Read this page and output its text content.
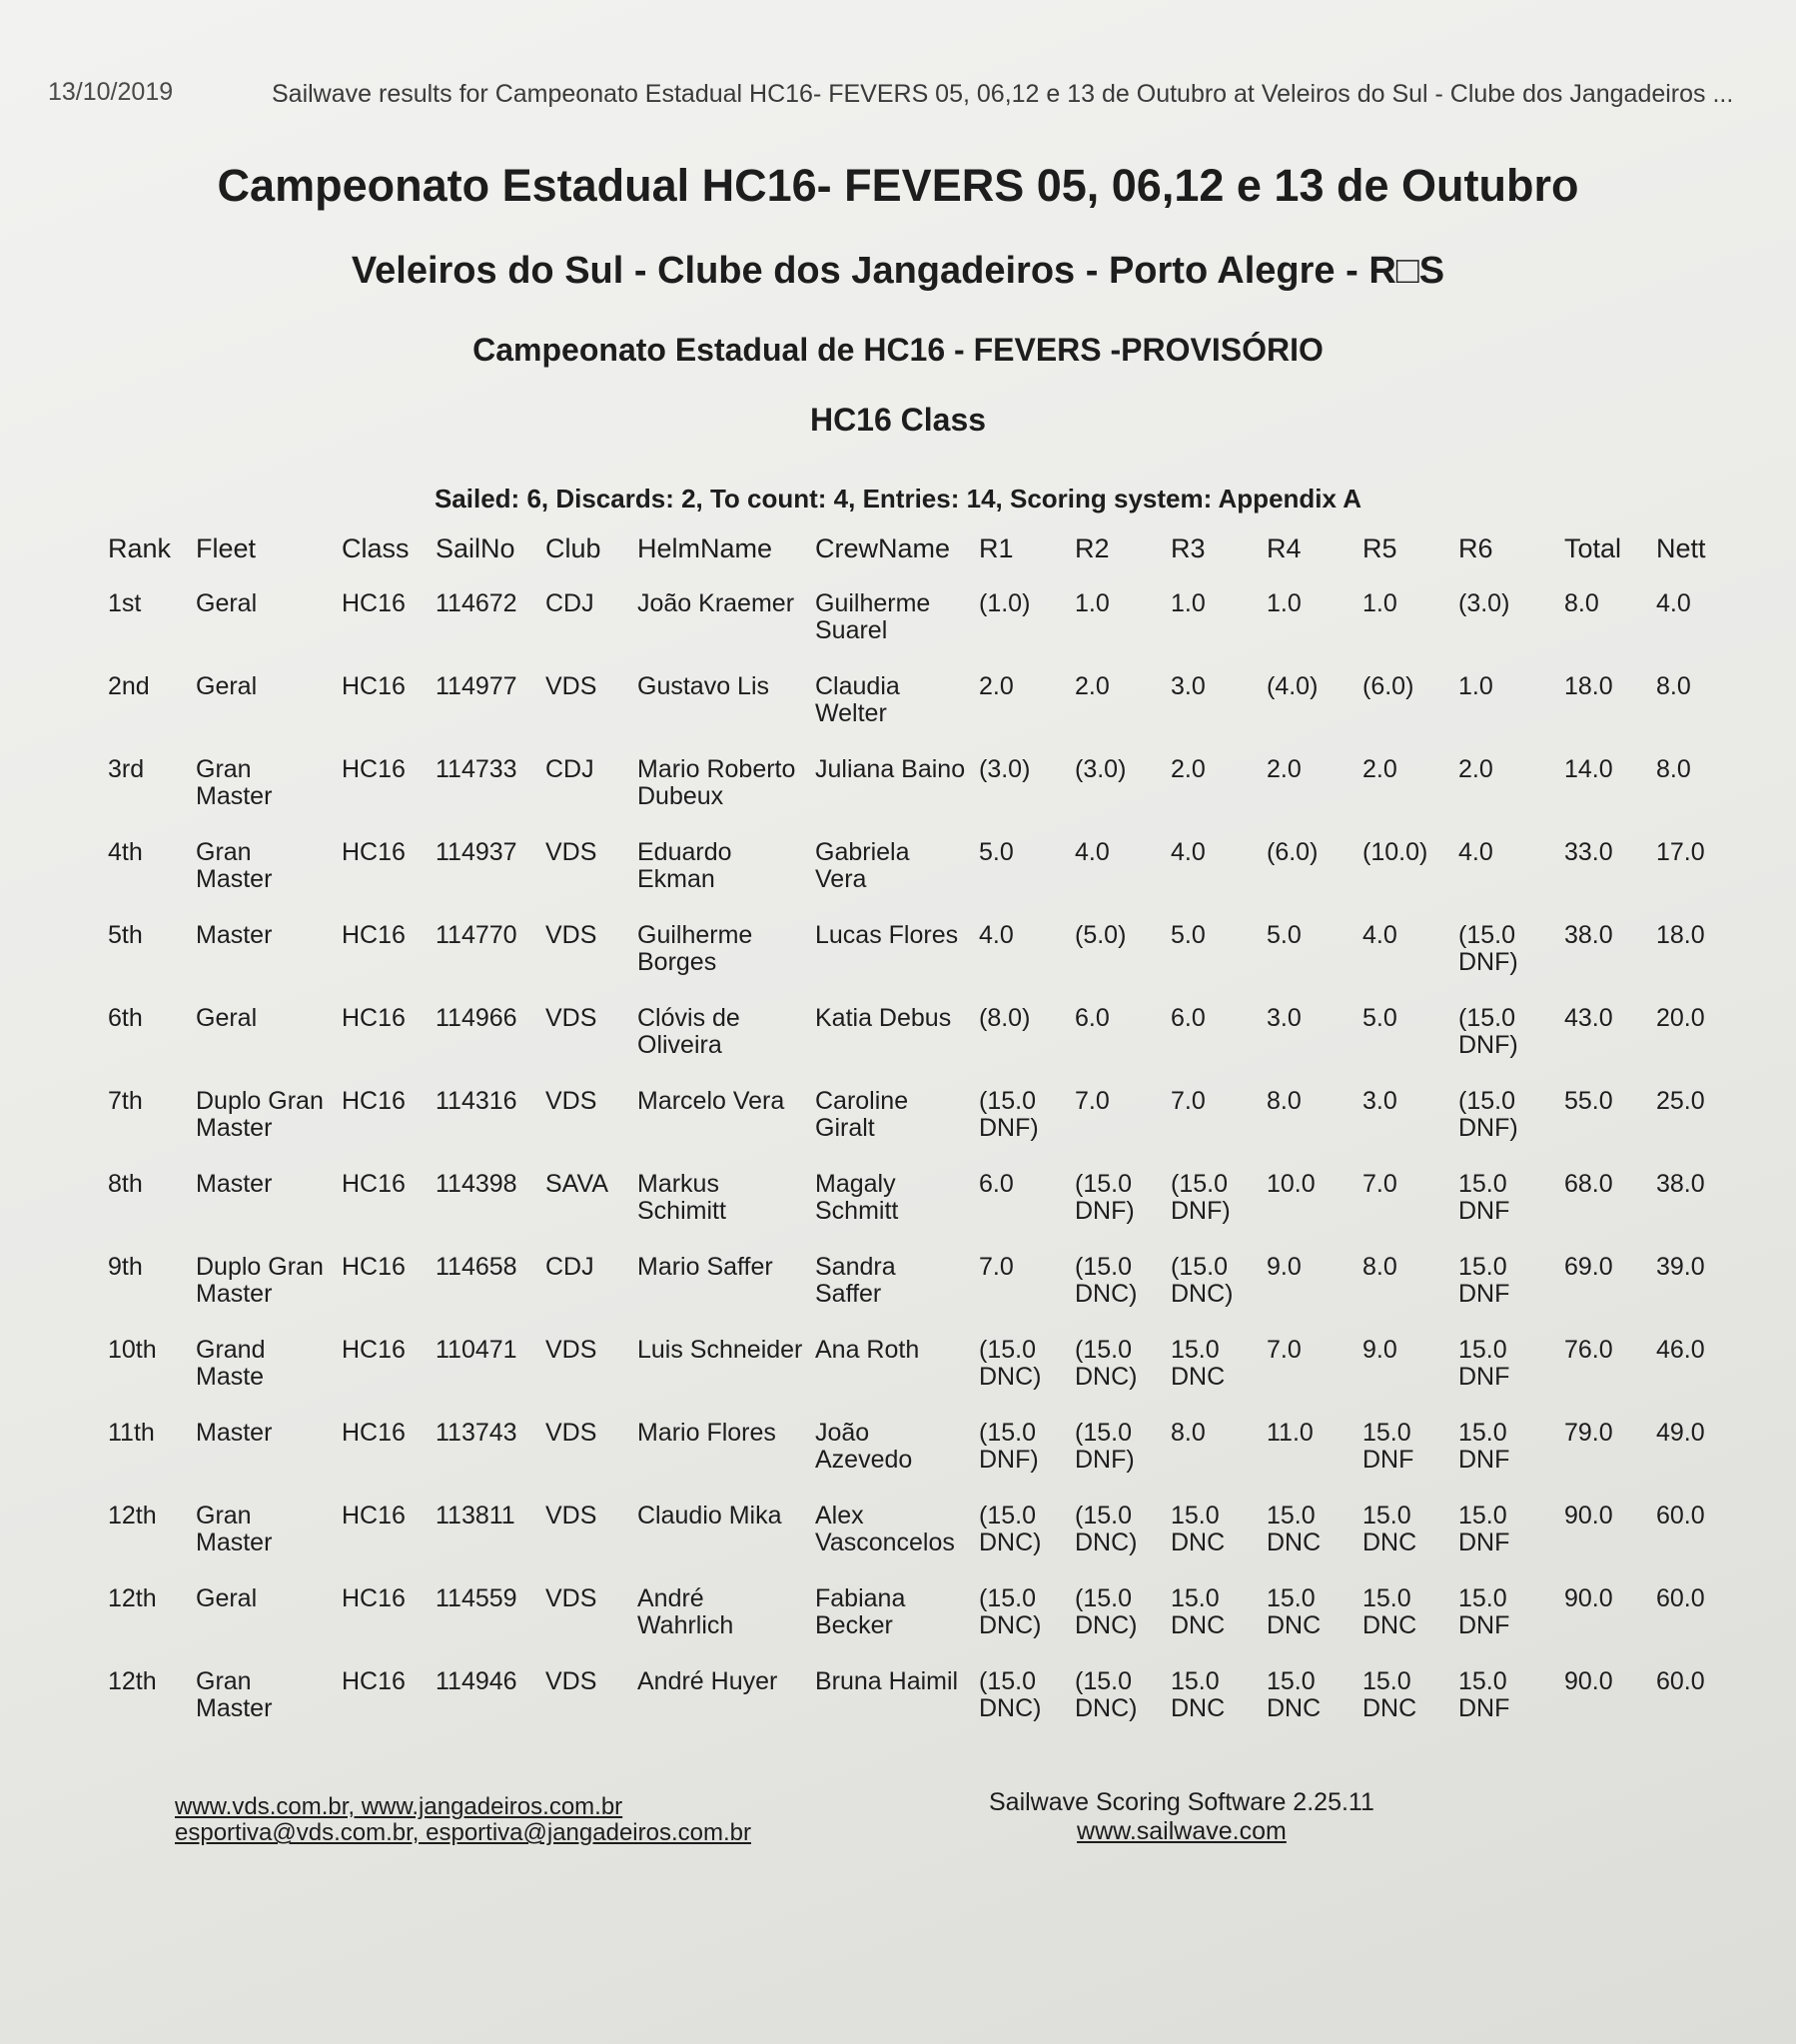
13/10/2019	Sailwave results for Campeonato Estadual HC16- FEVERS 05, 06,12 e 13 de Outubro at Veleiros do Sul - Clube dos Jangadeiros ...
Campeonato Estadual HC16- FEVERS 05, 06,12 e 13 de Outubro
Veleiros do Sul - Clube dos Jangadeiros - Porto Alegre - R□S
Campeonato Estadual de HC16 - FEVERS -PROVISÓRIO
HC16 Class
Sailed: 6, Discards: 2, To count: 4, Entries: 14, Scoring system: Appendix A
Rank	Fleet	Class	SailNo	Club	HelmName	CrewName	R1	R2	R3	R4	R5	R6	Total	Nett
1st	Geral	HC16	114672	CDJ	João Kraemer	Guilherme Suarel	(1.0)	1.0	1.0	1.0	1.0	(3.0)	8.0	4.0
2nd	Geral	HC16	114977	VDS	Gustavo Lis	Claudia Welter	2.0	2.0	3.0	(4.0)	(6.0)	1.0	18.0	8.0
3rd	Gran Master	HC16	114733	CDJ	Mario Roberto Dubeux	Juliana Baino	(3.0)	(3.0)	2.0	2.0	2.0	2.0	14.0	8.0
4th	Gran Master	HC16	114937	VDS	Eduardo Ekman	Gabriela Vera	5.0	4.0	4.0	(6.0)	(10.0)	4.0	33.0	17.0
5th	Master	HC16	114770	VDS	Guilherme Borges	Lucas Flores	4.0	(5.0)	5.0	5.0	4.0	(15.0 DNF)	38.0	18.0
6th	Geral	HC16	114966	VDS	Clóvis de Oliveira	Katia Debus	(8.0)	6.0	6.0	3.0	5.0	(15.0 DNF)	43.0	20.0
7th	Duplo Gran Master	HC16	114316	VDS	Marcelo Vera	Caroline Giralt	(15.0 DNF)	7.0	7.0	8.0	3.0	(15.0 DNF)	55.0	25.0
8th	Master	HC16	114398	SAVA	Markus Schimitt	Magaly Schmitt	6.0	(15.0 DNF)	(15.0 DNF)	10.0	7.0	15.0 DNF	68.0	38.0
9th	Duplo Gran Master	HC16	114658	CDJ	Mario Saffer	Sandra Saffer	7.0	(15.0 DNC)	(15.0 DNC)	9.0	8.0	15.0 DNF	69.0	39.0
10th	Grand Maste	HC16	110471	VDS	Luis Schneider	Ana Roth	(15.0 DNC)	(15.0 DNC)	15.0 DNC	7.0	9.0	15.0 DNF	76.0	46.0
11th	Master	HC16	113743	VDS	Mario Flores	João Azevedo	(15.0 DNF)	(15.0 DNF)	8.0	11.0	15.0 DNF	15.0 DNF	79.0	49.0
12th	Gran Master	HC16	113811	VDS	Claudio Mika	Alex Vasconcelos	(15.0 DNC)	(15.0 DNC)	15.0 DNC	15.0 DNC	15.0 DNC	15.0 DNF	90.0	60.0
12th	Geral	HC16	114559	VDS	André Wahrlich	Fabiana Becker	(15.0 DNC)	(15.0 DNC)	15.0 DNC	15.0 DNC	15.0 DNC	15.0 DNF	90.0	60.0
12th	Gran Master	HC16	114946	VDS	André Huyer	Bruna Haimil	(15.0 DNC)	(15.0 DNC)	15.0 DNC	15.0 DNC	15.0 DNC	15.0 DNF	90.0	60.0
www.vds.com.br, www.jangadeiros.com.br
esportiva@vds.com.br, esportiva@jangadeiros.com.br
Sailwave Scoring Software 2.25.11
www.sailwave.com
